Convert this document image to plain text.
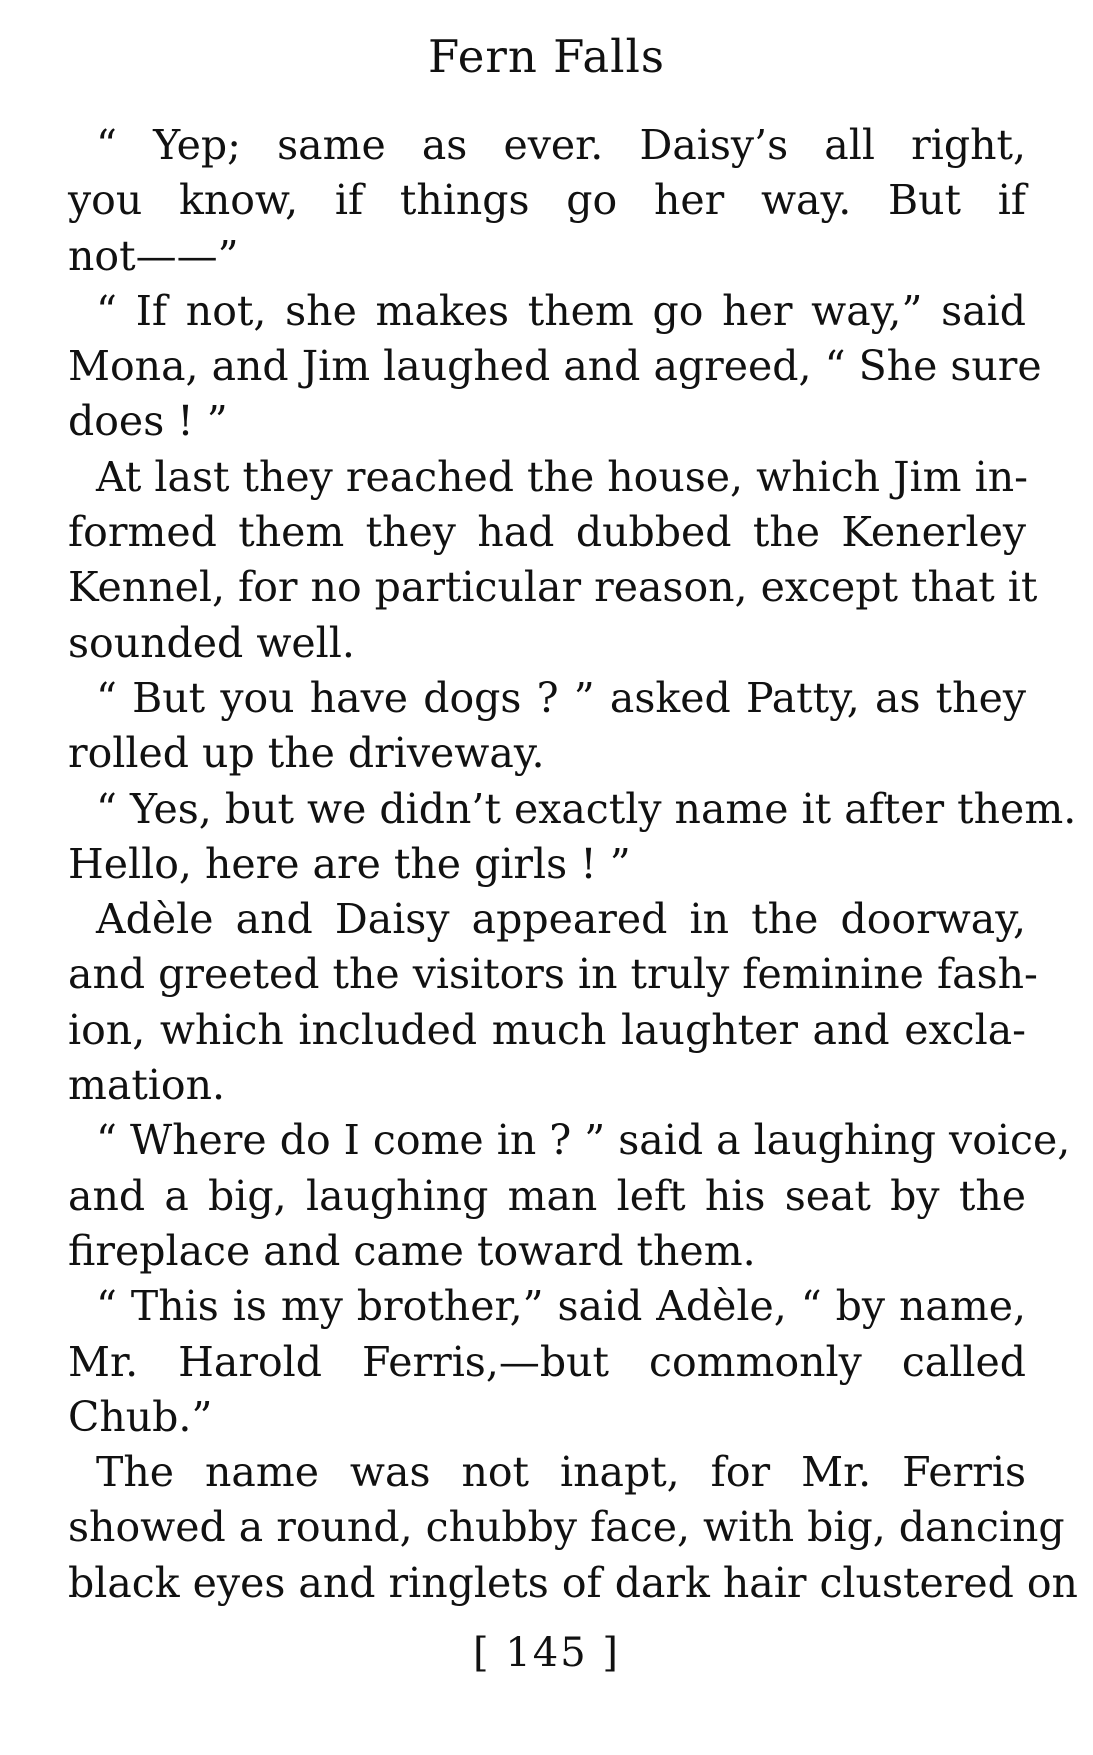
Fern Falls
“ Yep; same as ever. Daisy’s all right,
you know, if things go her way. But if
not——”
“ If not, she makes them go her way,” said
Mona, and Jim laughed and agreed, “ She sure
does ! ”
At last they reached the house, which Jim in-
formed them they had dubbed the Kenerley
Kennel, for no particular reason, except that it
sounded well.
“ But you have dogs ? ” asked Patty, as they
rolled up the driveway.
“ Yes, but we didn’t exactly name it after them.
Hello, here are the girls ! ”
Adèle and Daisy appeared in the doorway,
and greeted the visitors in truly feminine fash-
ion, which included much laughter and excla-
mation.
“ Where do I come in ? ” said a laughing voice,
and a big, laughing man left his seat by the
fireplace and came toward them.
“ This is my brother,” said Adèle, “ by name,
Mr. Harold Ferris,—but commonly called
Chub.”
The name was not inapt, for Mr. Ferris
showed a round, chubby face, with big, dancing
black eyes and ringlets of dark hair clustered on
[ 145 ]
